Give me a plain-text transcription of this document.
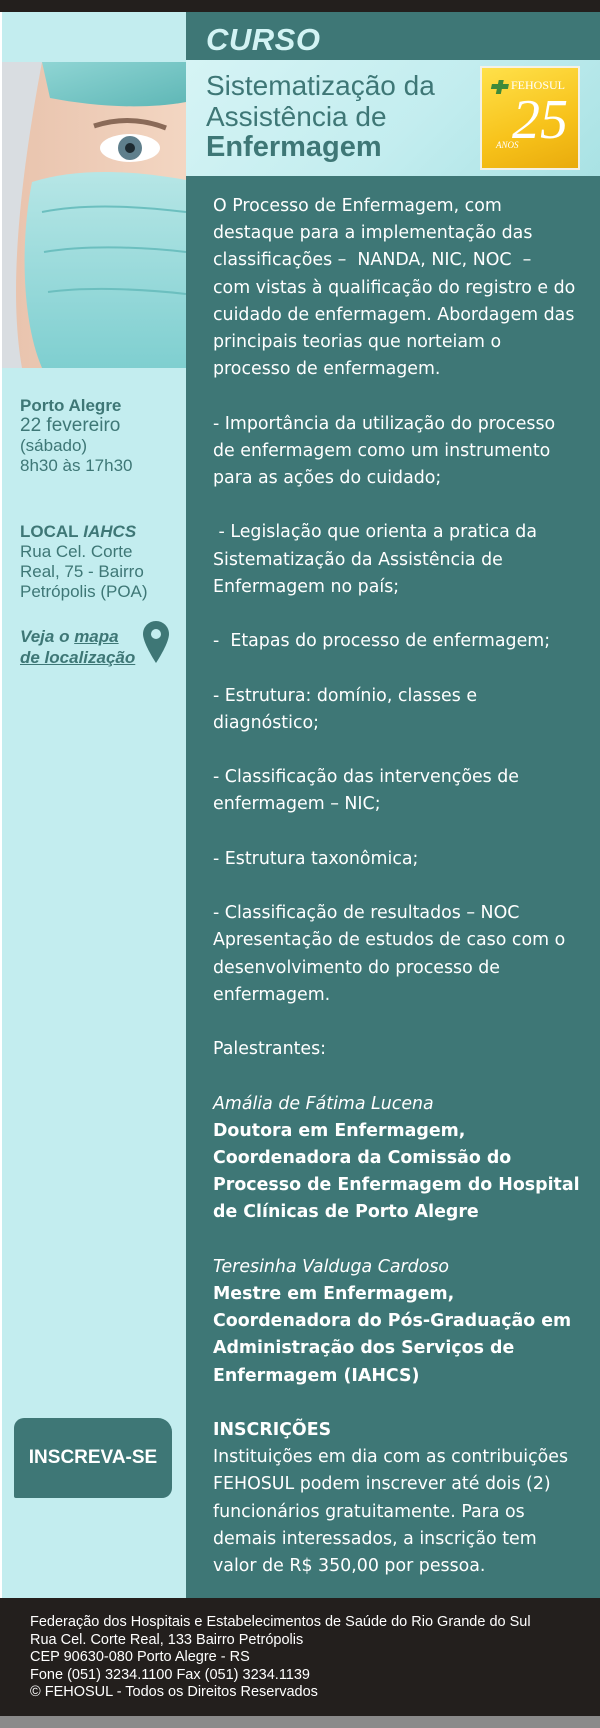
CURSO
Sistematização da
Assistência de
Enfermagem
FEHOSUL
25
ANOS
Porto Alegre
22 fevereiro
(sábado)
8h30 às 17h30
LOCAL IAHCS
Rua Cel. Corte
Real, 75 - Bairro
Petrópolis (POA)
Veja o mapa
de localização
INSCREVA-SE
O Processo de Enfermagem, com
destaque para a implementação das
classificações –  NANDA, NIC, NOC  –
com vistas à qualificação do registro e do
cuidado de enfermagem. Abordagem das
principais teorias que norteiam o
processo de enfermagem.
- Importância da utilização do processo
de enfermagem como um instrumento
para as ações do cuidado;
- Legislação que orienta a pratica da
Sistematização da Assistência de
Enfermagem no país;
-  Etapas do processo de enfermagem;
- Estrutura: domínio, classes e
diagnóstico;
- Classificação das intervenções de
enfermagem – NIC;
- Estrutura taxonômica;
- Classificação de resultados – NOC
Apresentação de estudos de caso com o
desenvolvimento do processo de
enfermagem.
Palestrantes:
Amália de Fátima Lucena
Doutora em Enfermagem,
Coordenadora da Comissão do
Processo de Enfermagem do Hospital
de Clínicas de Porto Alegre
Teresinha Valduga Cardoso
Mestre em Enfermagem,
Coordenadora do Pós-Graduação em
Administração dos Serviços de
Enfermagem (IAHCS)
INSCRIÇÕES
Instituições em dia com as contribuições
FEHOSUL podem inscrever até dois (2)
funcionários gratuitamente. Para os
demais interessados, a inscrição tem
valor de R$ 350,00 por pessoa.
Federação dos Hospitais e Estabelecimentos de Saúde do Rio Grande do Sul
Rua Cel. Corte Real, 133 Bairro Petrópolis
CEP 90630-080 Porto Alegre - RS
Fone (051) 3234.1100 Fax (051) 3234.1139
© FEHOSUL - Todos os Direitos Reservados
